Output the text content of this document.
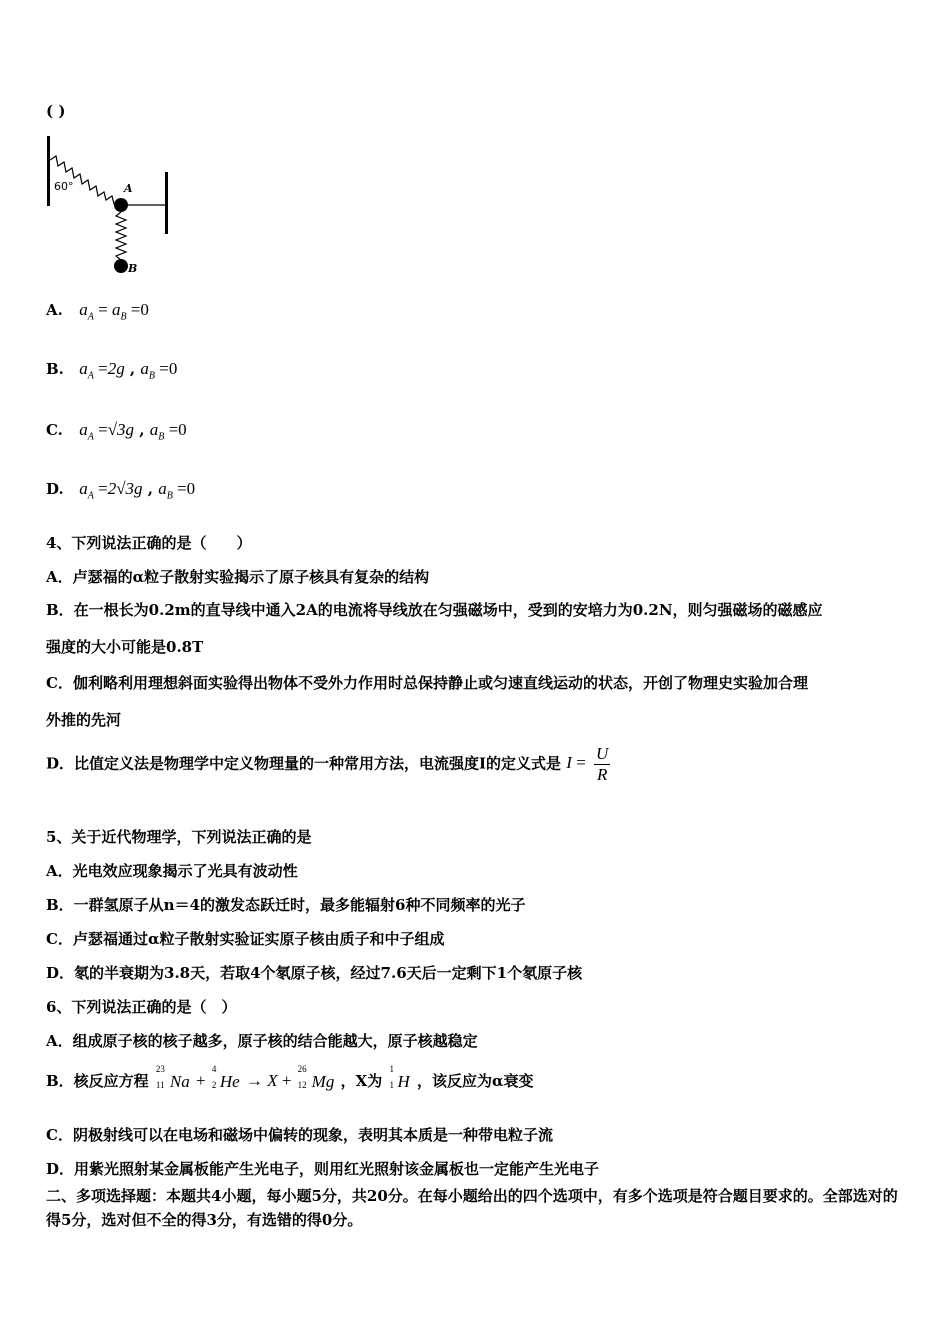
( )
60°	A
B
A. $a_A = a_B =0$
B. $a_A =2g$ , $a_B =0$
C. $a_A =√3g$ , $a_B =0$
D. $a_A =2√3g$ , $a_B =0$
4、下列说法正确的是（　　）
A．卢瑟福的α粒子散射实验揭示了原子核具有复杂的结构
B．在一根长为0.2m的直导线中通入2A的电流将导线放在匀强磁场中，受到的安培力为0.2N，则匀强磁场的磁感应
强度的大小可能是0.8T
C．伽利略利用理想斜面实验得出物体不受外力作用时总保持静止或匀速直线运动的状态，开创了物理史实验加合理
外推的先河
D．比值定义法是物理学中定义物理量的一种常用方法，电流强度I的定义式是 $I = \frac{U}{R}$
5、关于近代物理学，下列说法正确的是
A．光电效应现象揭示了光具有波动性
B．一群氢原子从n＝4的激发态跃迁时，最多能辐射6种不同频率的光子
C．卢瑟福通过α粒子散射实验证实原子核由质子和中子组成
D．氡的半衰期为3.8天，若取4个氡原子核，经过7.6天后一定剩下1个氡原子核
6、下列说法正确的是（　）
A．组成原子核的核子越多，原子核的结合能越大，原子核越稳定
B．核反应方程
23
11 Na +
4
2 He → X +
26
12 Mg ，X为
1
1 H ，该反应为α衰变
C．阴极射线可以在电场和磁场中偏转的现象，表明其本质是一种带电粒子流
D．用紫光照射某金属板能产生光电子，则用红光照射该金属板也一定能产生光电子
二、多项选择题：本题共4小题，每小题5分，共20分。在每小题给出的四个选项中，有多个选项是符合题目要求的。全部选对的得5分，选对但不全的得3分，有选错的得0分。
